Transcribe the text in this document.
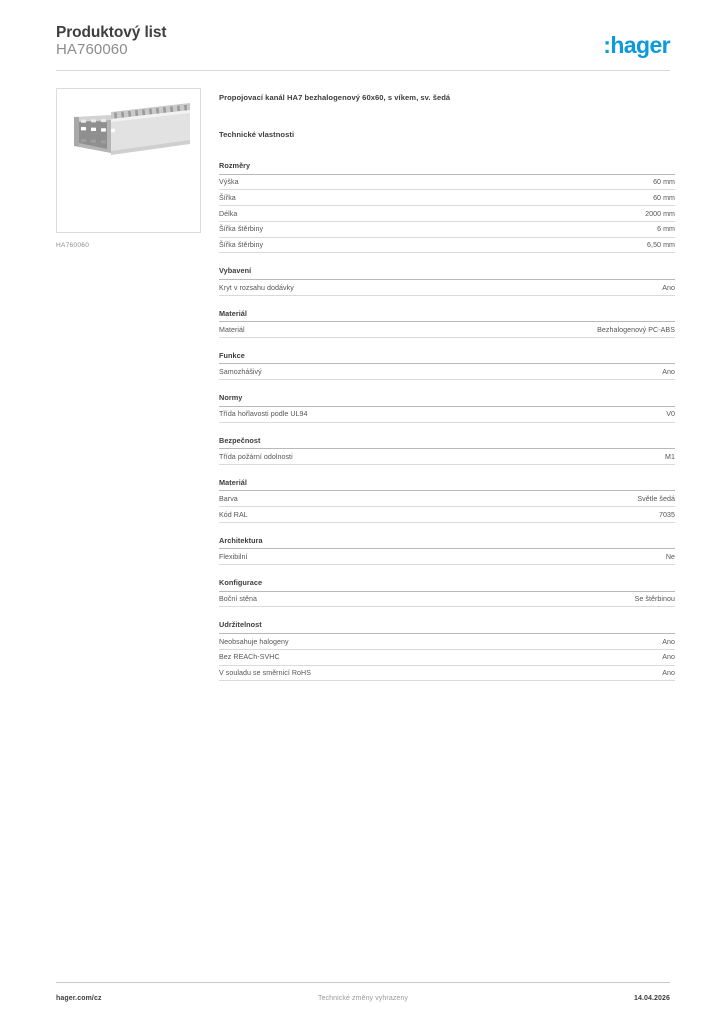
Produktový list
HA760060	:hager
HA760060
Propojovací kanál HA7 bezhalogenový 60x60, s víkem, sv. šedá
Technické vlastnosti
Rozměry
Výška	60 mm
Šířka	60 mm
Délka	2000 mm
Šířka štěrbiny	6 mm
Šířka štěrbiny	6,50 mm
Vybavení
Kryt v rozsahu dodávky	Ano
Materiál
Materiál	Bezhalogenový PC-ABS
Funkce
Samozhášivý	Ano
Normy
Třída hořlavosti podle UL94	V0
Bezpečnost
Třída požární odolnosti	M1
Materiál
Barva	Světle šedá
Kód RAL	7035
Architektura
Flexibilní	Ne
Konfigurace
Boční stěna	Se štěrbinou
Udržitelnost
Neobsahuje halogeny	Ano
Bez REACh-SVHC	Ano
V souladu se směrnicí RoHS	Ano
hager.com/cz	Technické změny vyhrazeny	14.04.2026
